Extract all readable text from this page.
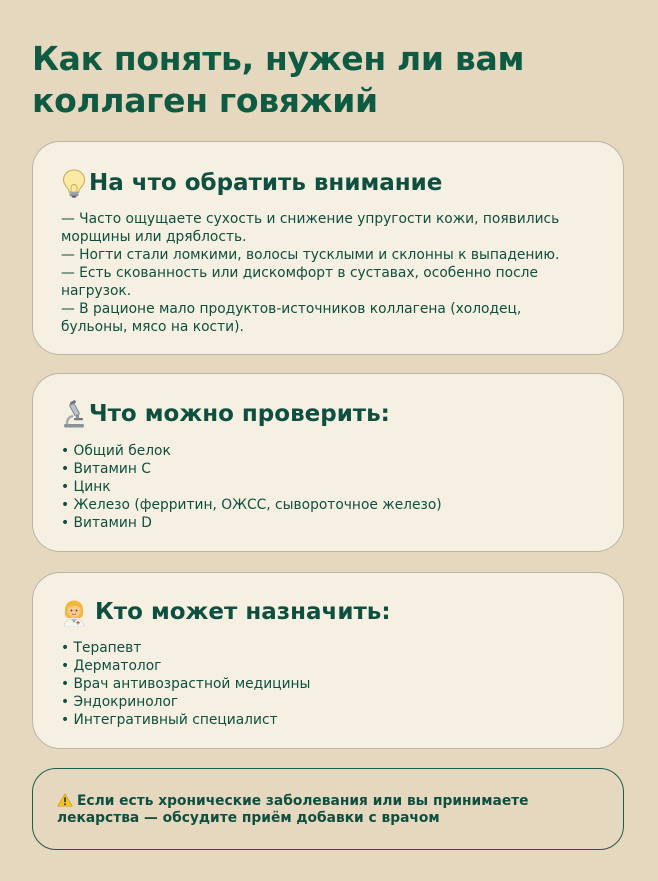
Как понять, нужен ли вам
коллаген говяжий
На что обратить внимание

— Часто ощущаете сухость и снижение упругости кожи, появились

морщины или дряблость.

— Ногти стали ломкими, волосы тусклыми и склонны к выпадению.

— Есть скованность или дискомфорт в суставах, особенно после

нагрузок.

— В рационе мало продуктов-источников коллагена (холодец,

бульоны, мясо на кости).

Что можно проверить:

• Общий белок

• Витамин С

• Цинк

• Железо (ферритин, ОЖСС, сывороточное железо)

• Витамин D

Кто может назначить:

• Терапевт

• Дерматолог

• Врач антивозрастной медицины

• Эндокринолог

• Интегративный специалист

Если есть хронические заболевания или вы принимаете
лекарства — обсудите приём добавки с врачом
